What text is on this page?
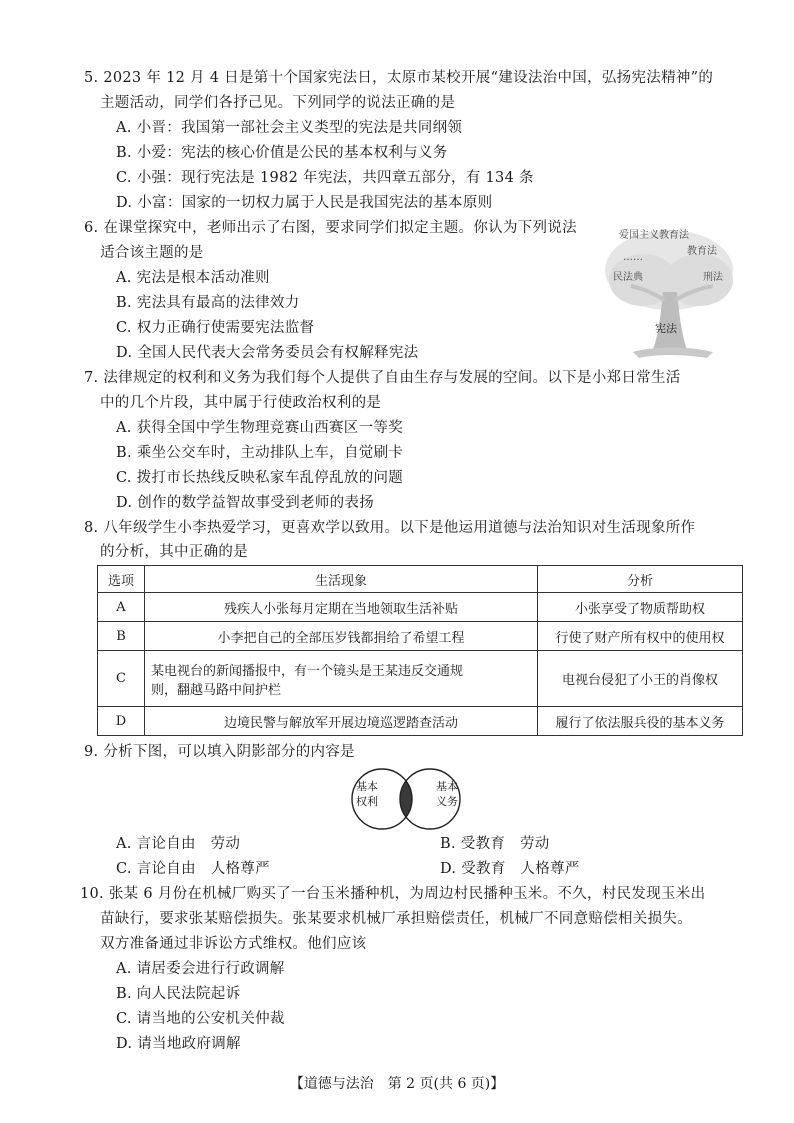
5. 2023 年 12 月 4 日是第十个国家宪法日，太原市某校开展“建设法治中国，弘扬宪法精神”的
主题活动，同学们各抒己见。下列同学的说法正确的是
A. 小晋：我国第一部社会主义类型的宪法是共同纲领
B. 小爱：宪法的核心价值是公民的基本权利与义务
C. 小强：现行宪法是 1982 年宪法，共四章五部分，有 134 条
D. 小富：国家的一切权力属于人民是我国宪法的基本原则
6. 在课堂探究中，老师出示了右图，要求同学们拟定主题。你认为下列说法
适合该主题的是
A. 宪法是根本活动准则
B. 宪法具有最高的法律效力
C. 权力正确行使需要宪法监督
D. 全国人民代表大会常务委员会有权解释宪法
爱国主义教育法
教育法
……
民法典	刑法
宪法
7. 法律规定的权利和义务为我们每个人提供了自由生存与发展的空间。以下是小郑日常生活
中的几个片段，其中属于行使政治权利的是
A. 获得全国中学生物理竞赛山西赛区一等奖
B. 乘坐公交车时，主动排队上车，自觉刷卡
C. 拨打市长热线反映私家车乱停乱放的问题
D. 创作的数学益智故事受到老师的表扬
8. 八年级学生小李热爱学习，更喜欢学以致用。以下是他运用道德与法治知识对生活现象所作
的分析，其中正确的是
选项	生活现象	分析
A	残疾人小张每月定期在当地领取生活补贴	小张享受了物质帮助权
B	小李把自己的全部压岁钱都捐给了希望工程	行使了财产所有权中的使用权
C	某电视台的新闻播报中，有一个镜头是王某违反交通规
则，翻越马路中间护栏	电视台侵犯了小王的肖像权
D	边境民警与解放军开展边境巡逻踏查活动	履行了依法服兵役的基本义务
9. 分析下图，可以填入阴影部分的内容是
基本
权利
基本
义务
A. 言论自由　劳动	B. 受教育　劳动
C. 言论自由　人格尊严	D. 受教育　人格尊严
10. 张某 6 月份在机械厂购买了一台玉米播种机，为周边村民播种玉米。不久，村民发现玉米出
苗缺行，要求张某赔偿损失。张某要求机械厂承担赔偿责任，机械厂不同意赔偿相关损失。
双方准备通过非诉讼方式维权。他们应该
A. 请居委会进行行政调解
B. 向人民法院起诉
C. 请当地的公安机关仲裁
D. 请当地政府调解
【道德与法治　第 2 页(共 6 页)】
